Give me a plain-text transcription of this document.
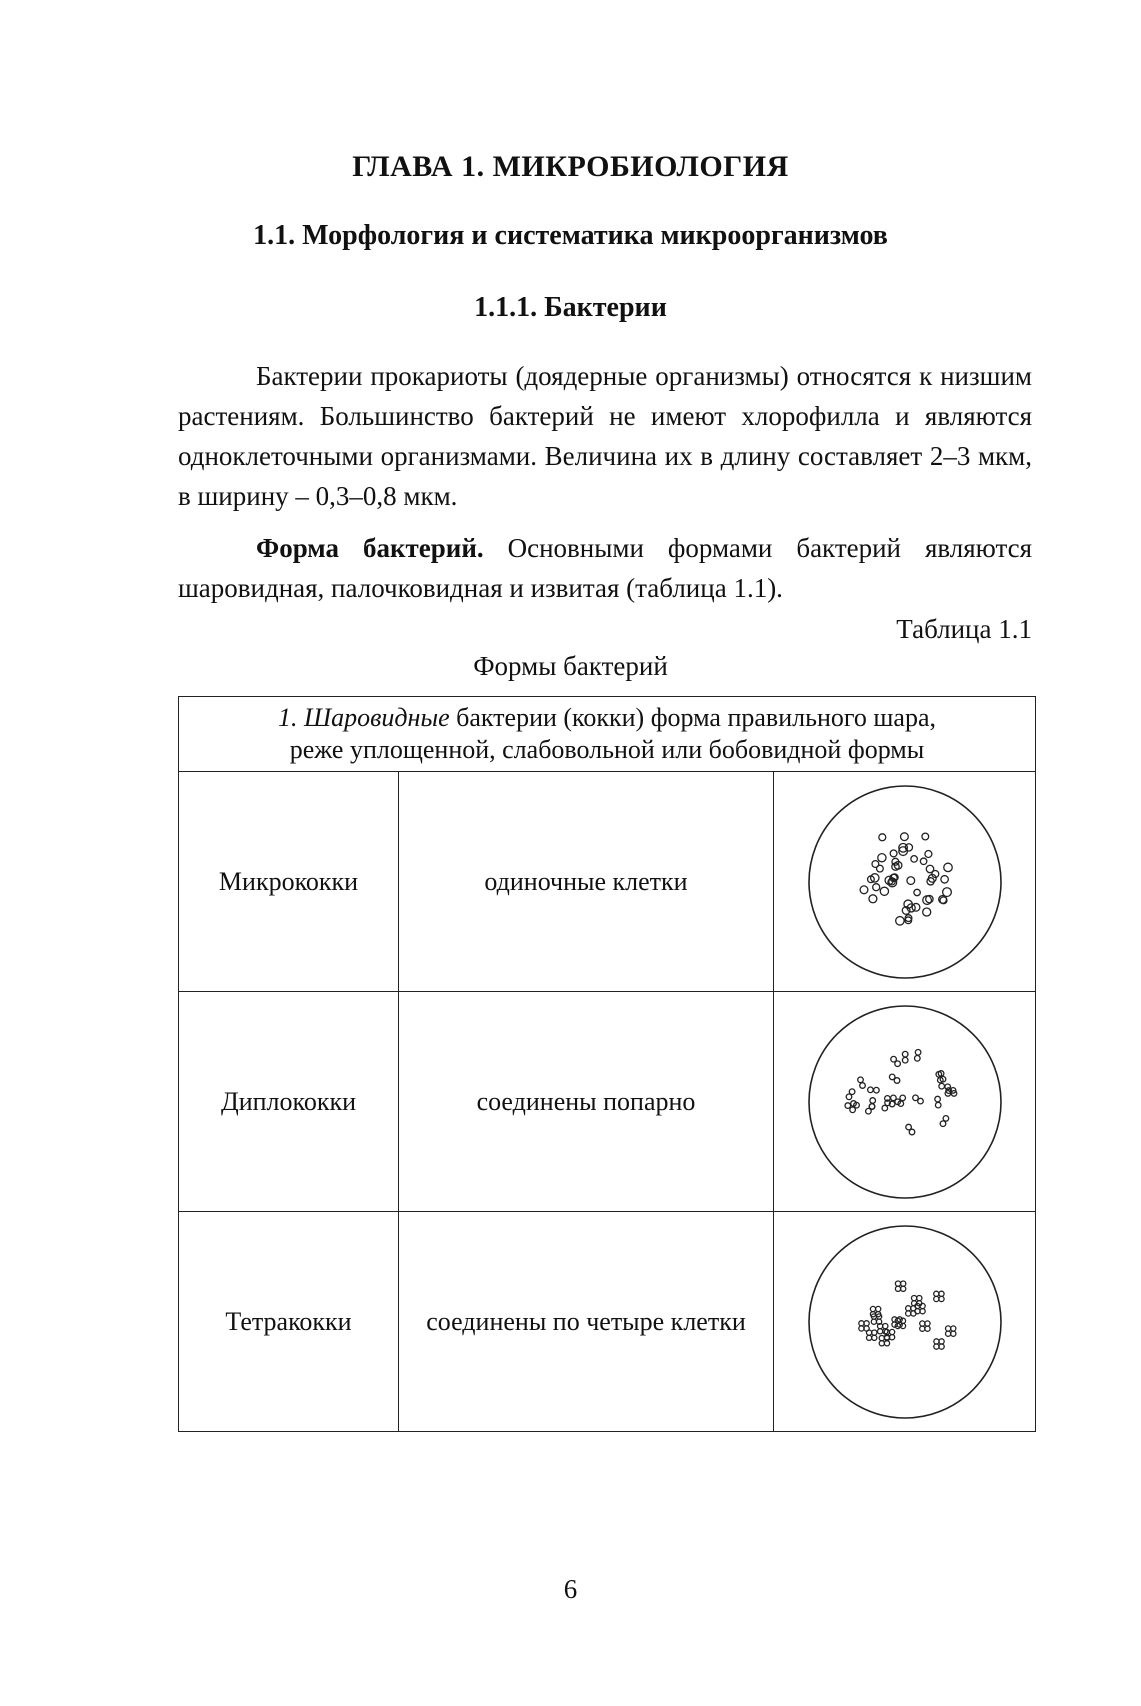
ГЛАВА 1. МИКРОБИОЛОГИЯ
1.1. Морфология и систематика микроорганизмов
1.1.1. Бактерии

Бактерии прокариоты (доядерные организмы) относятся к низшим растениям. Большинство бактерий не имеют хлорофилла и являются одноклеточными организмами. Величина их в длину составляет 2–3 мкм, в ширину – 0,3–0,8 мкм.

Форма бактерий. Основными формами бактерий являются шаровидная, палочковидная и извитая (таблица 1.1).

Таблица 1.1
Формы бактерий
1. Шаровидные бактерии (кокки) форма правильного шара,
реже уплощенной, слабовольной или бобовидной формы		
Микрококки	одиночные клетки	

Диплококки	соединены попарно	

Тетракокки	соединены по четыре клетки	
6
